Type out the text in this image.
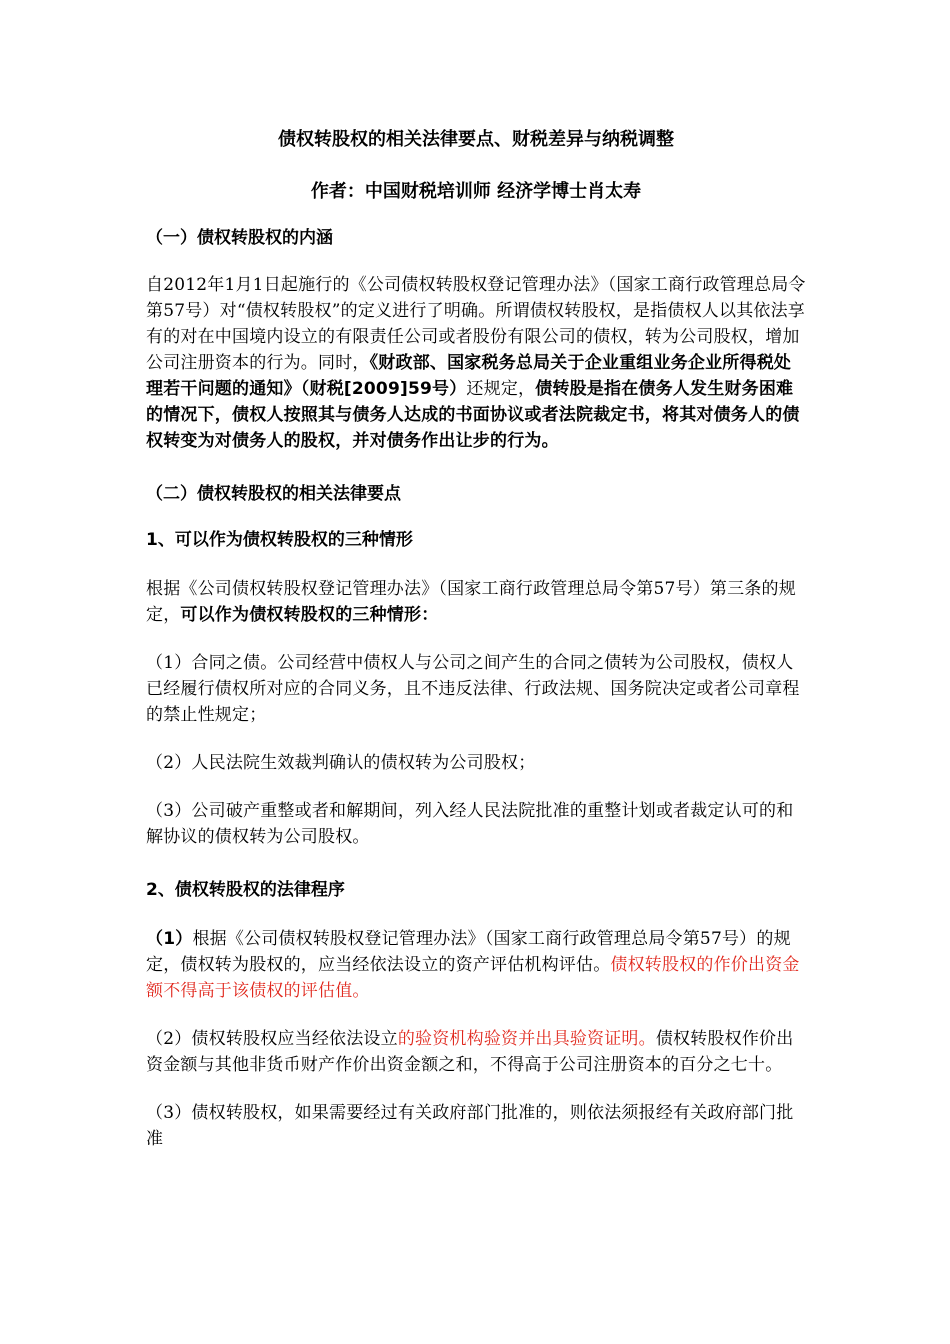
债权转股权的相关法律要点、财税差异与纳税调整
作者：中国财税培训师 经济学博士肖太寿
（一）债权转股权的内涵

自2012年1月1日起施行的《公司债权转股权登记管理办法》（国家工商行政管理总局令第57号）对“债权转股权”的定义进行了明确。所谓债权转股权，是指债权人以其依法享有的对在中国境内设立的有限责任公司或者股份有限公司的债权，转为公司股权，增加公司注册资本的行为。同时，《财政部、国家税务总局关于企业重组业务企业所得税处理若干问题的通知》（财税[2009]59号）还规定，债转股是指在债务人发生财务困难的情况下，债权人按照其与债务人达成的书面协议或者法院裁定书，将其对债务人的债权转变为对债务人的股权，并对债务作出让步的行为。

（二）债权转股权的相关法律要点
1、可以作为债权转股权的三种情形

根据《公司债权转股权登记管理办法》（国家工商行政管理总局令第57号）第三条的规定，可以作为债权转股权的三种情形：

（1）合同之债。公司经营中债权人与公司之间产生的合同之债转为公司股权，债权人已经履行债权所对应的合同义务，且不违反法律、行政法规、国务院决定或者公司章程的禁止性规定；

（2）人民法院生效裁判确认的债权转为公司股权；

（3）公司破产重整或者和解期间，列入经人民法院批准的重整计划或者裁定认可的和解协议的债权转为公司股权。

2、债权转股权的法律程序

（1）根据《公司债权转股权登记管理办法》（国家工商行政管理总局令第57号）的规定，债权转为股权的，应当经依法设立的资产评估机构评估。债权转股权的作价出资金额不得高于该债权的评估值。

（2）债权转股权应当经依法设立的验资机构验资并出具验资证明。债权转股权作价出资金额与其他非货币财产作价出资金额之和，不得高于公司注册资本的百分之七十。

（3）债权转股权，如果需要经过有关政府部门批准的，则依法须报经有关政府部门批准
